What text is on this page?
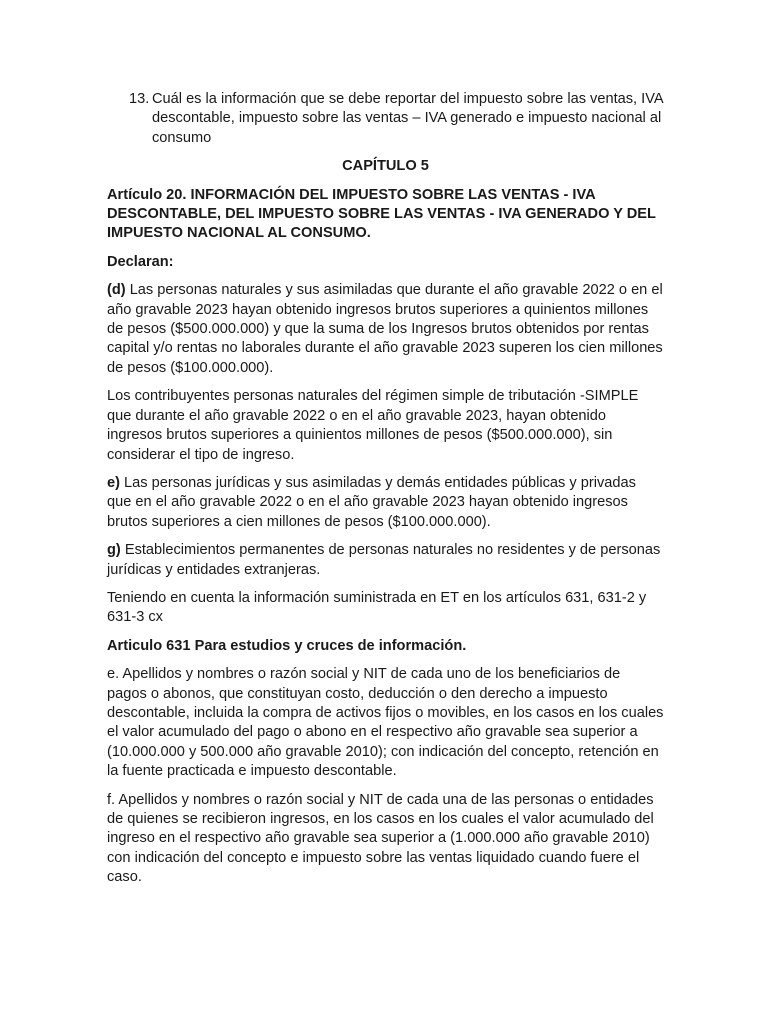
13. Cuál es la información que se debe reportar del impuesto sobre las ventas, IVA descontable, impuesto sobre las ventas – IVA generado e impuesto nacional al consumo
CAPÍTULO 5

Artículo 20. INFORMACIÓN DEL IMPUESTO SOBRE LAS VENTAS - IVA DESCONTABLE, DEL IMPUESTO SOBRE LAS VENTAS - IVA GENERADO Y DEL IMPUESTO NACIONAL AL CONSUMO.

Declaran:

(d) Las personas naturales y sus asimiladas que durante el año gravable 2022 o en el año gravable 2023 hayan obtenido ingresos brutos superiores a quinientos millones de pesos ($500.000.000) y que la suma de los Ingresos brutos obtenidos por rentas capital y/o rentas no laborales durante el año gravable 2023 superen los cien millones de pesos ($100.000.000).

Los contribuyentes personas naturales del régimen simple de tributación -SIMPLE que durante el año gravable 2022 o en el año gravable 2023, hayan obtenido ingresos brutos superiores a quinientos millones de pesos ($500.000.000), sin considerar el tipo de ingreso.

e) Las personas jurídicas y sus asimiladas y demás entidades públicas y privadas que en el año gravable 2022 o en el año gravable 2023 hayan obtenido ingresos brutos superiores a cien millones de pesos ($100.000.000).

g) Establecimientos permanentes de personas naturales no residentes y de personas jurídicas y entidades extranjeras.

Teniendo en cuenta la información suministrada en ET en los artículos 631, 631-2 y 631-3 cx

Articulo 631 Para estudios y cruces de información.

e. Apellidos y nombres o razón social y NIT de cada uno de los beneficiarios de pagos o abonos, que constituyan costo, deducción o den derecho a impuesto descontable, incluida la compra de activos fijos o movibles, en los casos en los cuales el valor acumulado del pago o abono en el respectivo año gravable sea superior a (10.000.000 y 500.000 año gravable 2010); con indicación del concepto, retención en la fuente practicada e impuesto descontable.

f. Apellidos y nombres o razón social y NIT de cada una de las personas o entidades de quienes se recibieron ingresos, en los casos en los cuales el valor acumulado del ingreso en el respectivo año gravable sea superior a (1.000.000 año gravable 2010) con indicación del concepto e impuesto sobre las ventas liquidado cuando fuere el caso.
